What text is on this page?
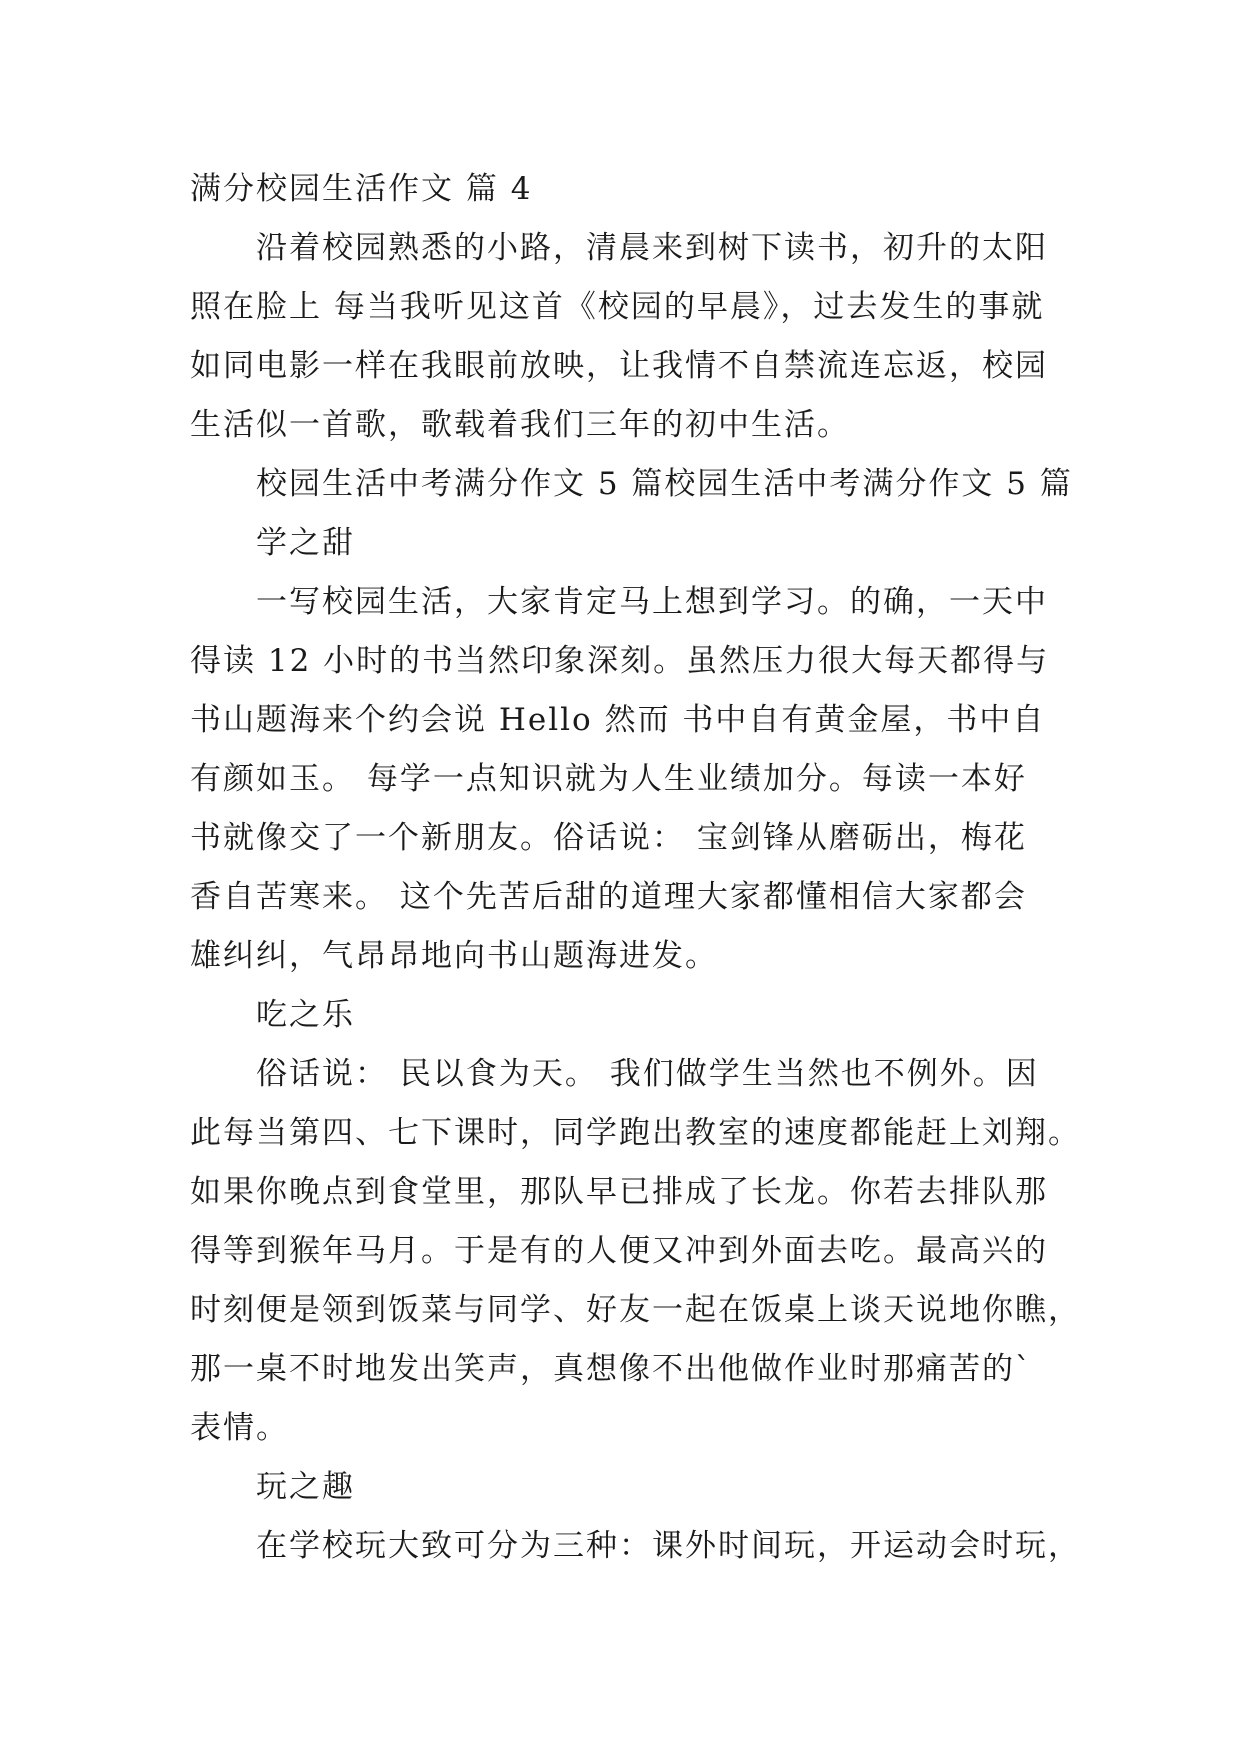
满分校园生活作文 篇 4
沿着校园熟悉的小路，清晨来到树下读书，初升的太阳
照在脸上 每当我听见这首《校园的早晨》，过去发生的事就
如同电影一样在我眼前放映，让我情不自禁流连忘返，校园
生活似一首歌，歌载着我们三年的初中生活。
校园生活中考满分作文 5 篇校园生活中考满分作文 5 篇
学之甜
一写校园生活，大家肯定马上想到学习。的确，一天中
得读 12 小时的书当然印象深刻。虽然压力很大每天都得与
书山题海来个约会说 Hello 然而 书中自有黄金屋，书中自
有颜如玉。 每学一点知识就为人生业绩加分。每读一本好
书就像交了一个新朋友。俗话说： 宝剑锋从磨砺出，梅花
香自苦寒来。 这个先苦后甜的道理大家都懂相信大家都会
雄纠纠，气昂昂地向书山题海进发。
吃之乐
俗话说： 民以食为天。 我们做学生当然也不例外。因
此每当第四、七下课时，同学跑出教室的速度都能赶上刘翔。
如果你晚点到食堂里，那队早已排成了长龙。你若去排队那
得等到猴年马月。于是有的人便又冲到外面去吃。最高兴的
时刻便是领到饭菜与同学、好友一起在饭桌上谈天说地你瞧，
那一桌不时地发出笑声，真想像不出他做作业时那痛苦的`
表情。
玩之趣
在学校玩大致可分为三种：课外时间玩，开运动会时玩，
